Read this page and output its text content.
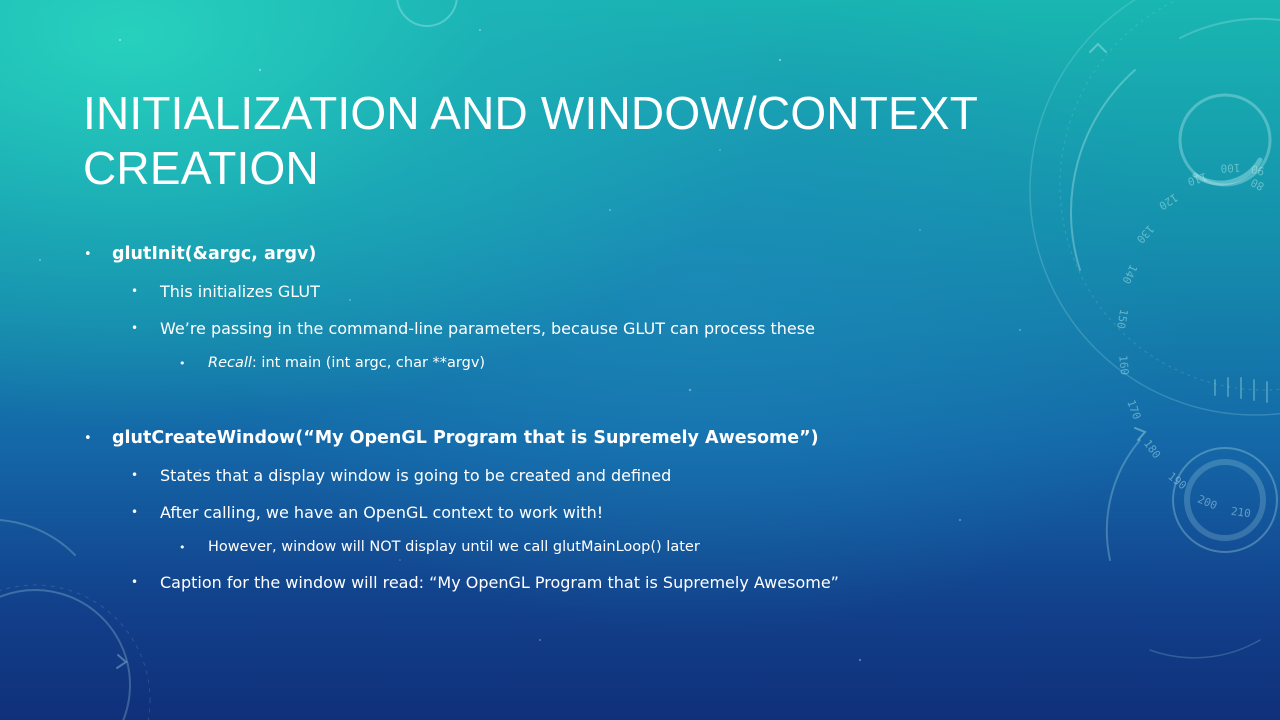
210
200
190
180
170
160
150
140
130
120
110
100 90
80
INITIALIZATION AND WINDOW/CONTEXT CREATION
• glutInit(&argc, argv)
• This initializes GLUT
• We’re passing in the command-line parameters, because GLUT can process these
• Recall: int main (int argc, char **argv)
• glutCreateWindow(“My OpenGL Program that is Supremely Awesome”)
• States that a display window is going to be created and defined
• After calling, we have an OpenGL context to work with!
• However, window will NOT display until we call glutMainLoop() later
• Caption for the window will read: “My OpenGL Program that is Supremely Awesome”
